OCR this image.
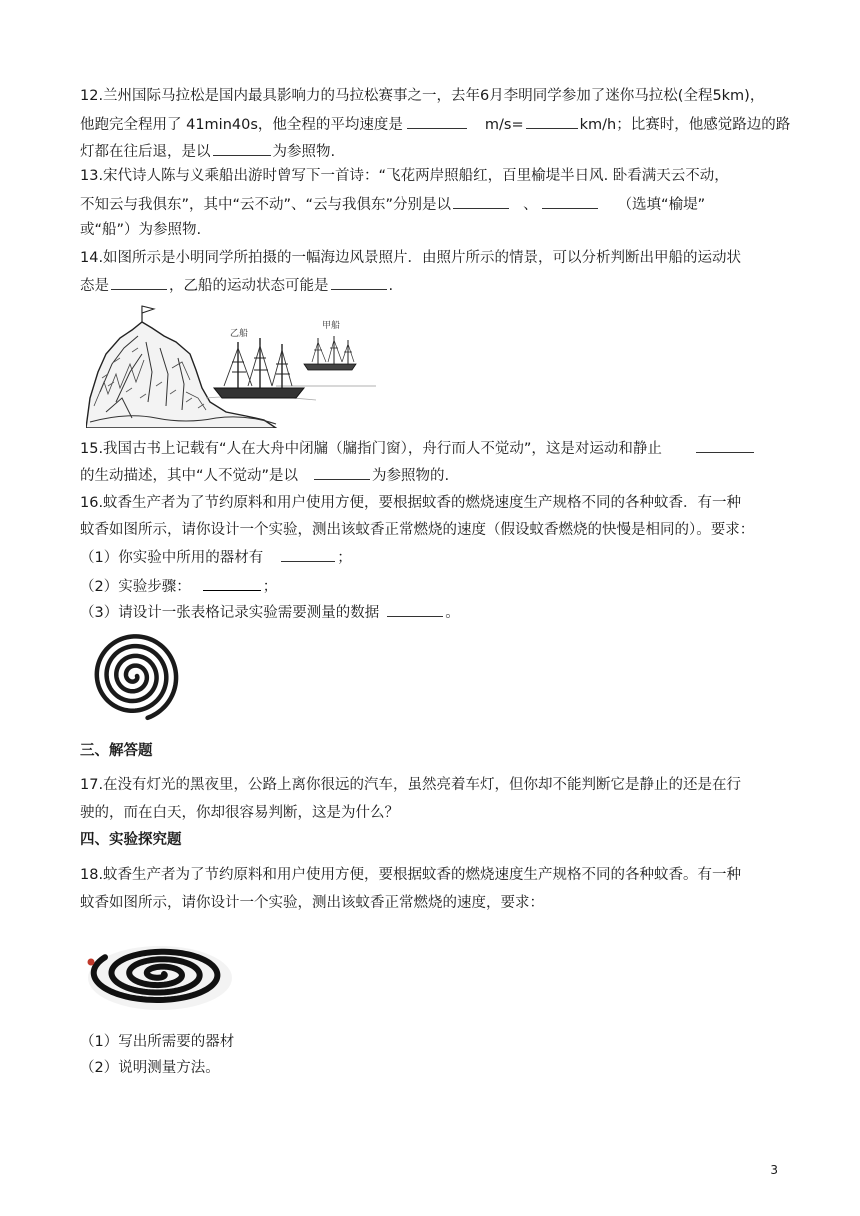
12.兰州国际马拉松是国内最具影响力的马拉松赛事之一，去年6月李明同学参加了迷你马拉松(全程5km)，
他跑完全程用了 41min40s，他全程的平均速度是	m/s=	km/h；比赛时，他感觉路边的路
灯都在往后退，是以	为参照物.
13.宋代诗人陈与义乘船出游时曾写下一首诗：“飞花两岸照船红，百里榆堤半日风. 卧看满天云不动，
不知云与我俱东”，其中“云不动”、“云与我俱东”分别是以	、	（选填“榆堤”
或“船”）为参照物.
14.如图所示是小明同学所拍摄的一幅海边风景照片．由照片所示的情景，可以分析判断出甲船的运动状
态是	，乙船的运动状态可能是	.
乙船
甲船
15.我国古书上记载有“人在大舟中闭牖（牖指门窗），舟行而人不觉动”，这是对运动和静止
的生动描述，其中“人不觉动”是以	为参照物的.
16.蚊香生产者为了节约原料和用户使用方便，要根据蚊香的燃烧速度生产规格不同的各种蚊香．有一种
蚊香如图所示，请你设计一个实验，测出该蚊香正常燃烧的速度（假设蚊香燃烧的快慢是相同的）。要求：
（1）你实验中所用的器材有	；
（2）实验步骤：	；
（3）请设计一张表格记录实验需要测量的数据	。
三、解答题
17.在没有灯光的黑夜里，公路上离你很远的汽车，虽然亮着车灯，但你却不能判断它是静止的还是在行
驶的，而在白天，你却很容易判断，这是为什么？
四、实验探究题
18.蚊香生产者为了节约原料和用户使用方便，要根据蚊香的燃烧速度生产规格不同的各种蚊香。有一种
蚊香如图所示，请你设计一个实验，测出该蚊香正常燃烧的速度，要求：
（1）写出所需要的器材
（2）说明测量方法。
3
